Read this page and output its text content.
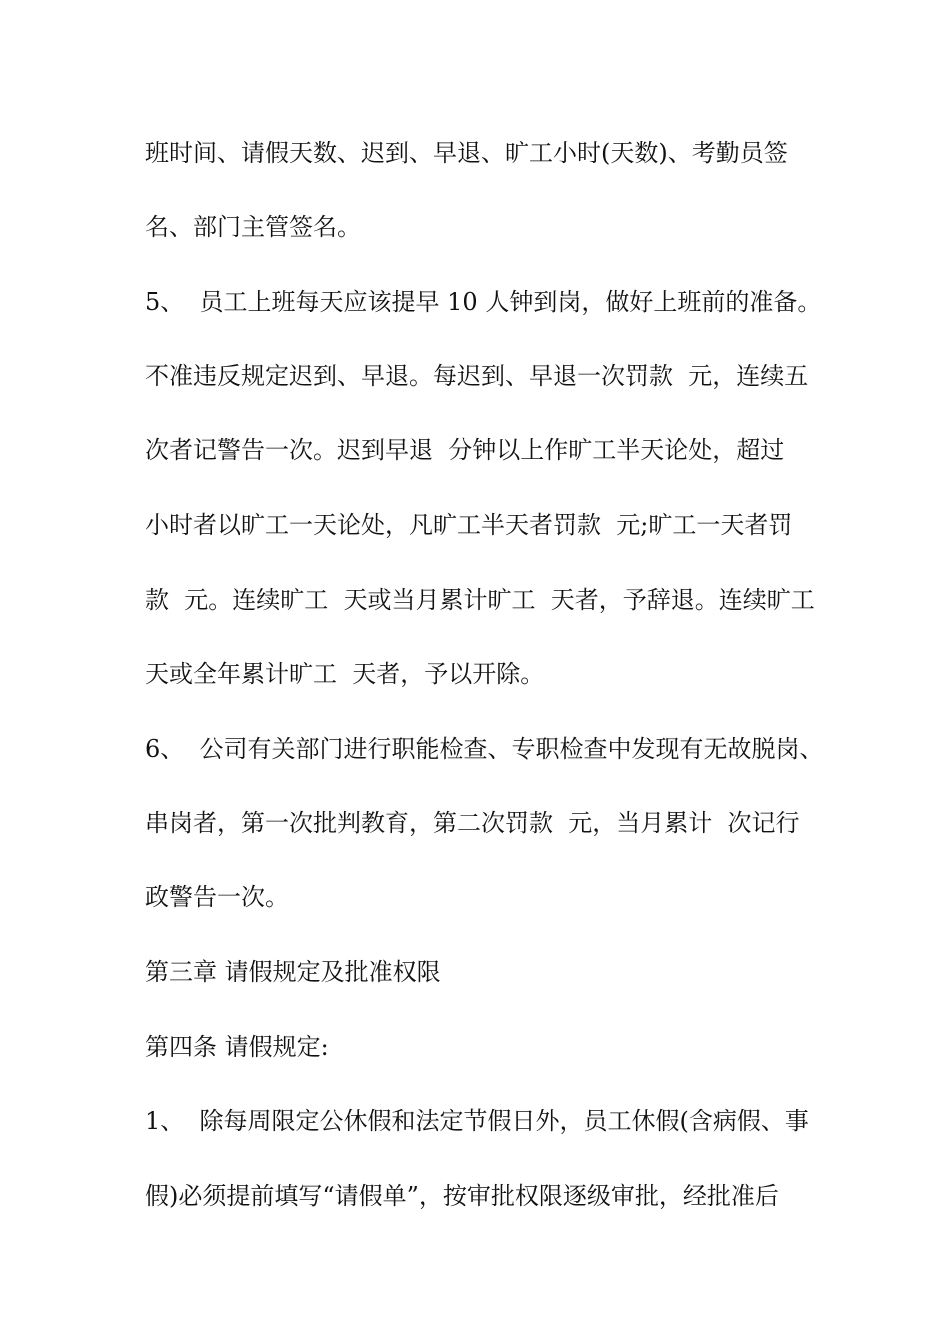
班时间、请假天数、迟到、早退、旷工小时(天数)、考勤员签
名、部门主管签名。
5、  员工上班每天应该提早 10 人钟到岗，做好上班前的准备。
不准违反规定迟到、早退。每迟到、早退一次罚款  元，连续五
次者记警告一次。迟到早退  分钟以上作旷工半天论处，超过
小时者以旷工一天论处，凡旷工半天者罚款  元;旷工一天者罚
款  元。连续旷工  天或当月累计旷工  天者，予辞退。连续旷工
天或全年累计旷工  天者，予以开除。
6、  公司有关部门进行职能检查、专职检查中发现有无故脱岗、
串岗者，第一次批判教育，第二次罚款  元，当月累计  次记行
政警告一次。
第三章 请假规定及批准权限
第四条 请假规定:
1、  除每周限定公休假和法定节假日外，员工休假(含病假、事
假)必须提前填写“请假单”，按审批权限逐级审批，经批准后
